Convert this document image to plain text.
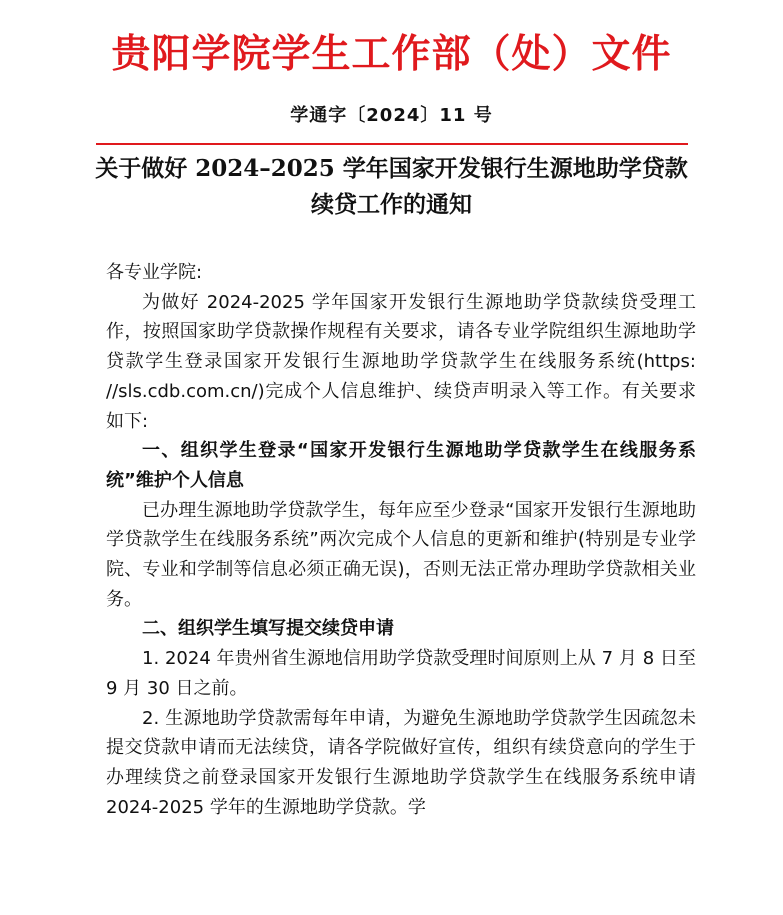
贵阳学院学生工作部（处）文件
学通字〔2024〕11 号
关于做好 2024–2025 学年国家开发银行生源地助学贷款
续贷工作的通知

各专业学院:

为做好 2024-2025 学年国家开发银行生源地助学贷款续贷受理工作，按照国家助学贷款操作规程有关要求，请各专业学院组织生源地助学贷款学生登录国家开发银行生源地助学贷款学生在线服务系统(https: //sls.cdb.com.cn/)完成个人信息维护、续贷声明录入等工作。有关要求如下:

一、组织学生登录“国家开发银行生源地助学贷款学生在线服务系统”维护个人信息

已办理生源地助学贷款学生，每年应至少登录“国家开发银行生源地助学贷款学生在线服务系统”两次完成个人信息的更新和维护(特别是专业学院、专业和学制等信息必须正确无误)，否则无法正常办理助学贷款相关业务。

二、组织学生填写提交续贷申请

1. 2024 年贵州省生源地信用助学贷款受理时间原则上从 7 月 8 日至 9 月 30 日之前。

2. 生源地助学贷款需每年申请，为避免生源地助学贷款学生因疏忽未提交贷款申请而无法续贷，请各学院做好宣传，组织有续贷意向的学生于办理续贷之前登录国家开发银行生源地助学贷款学生在线服务系统申请 2024-2025 学年的生源地助学贷款。学
